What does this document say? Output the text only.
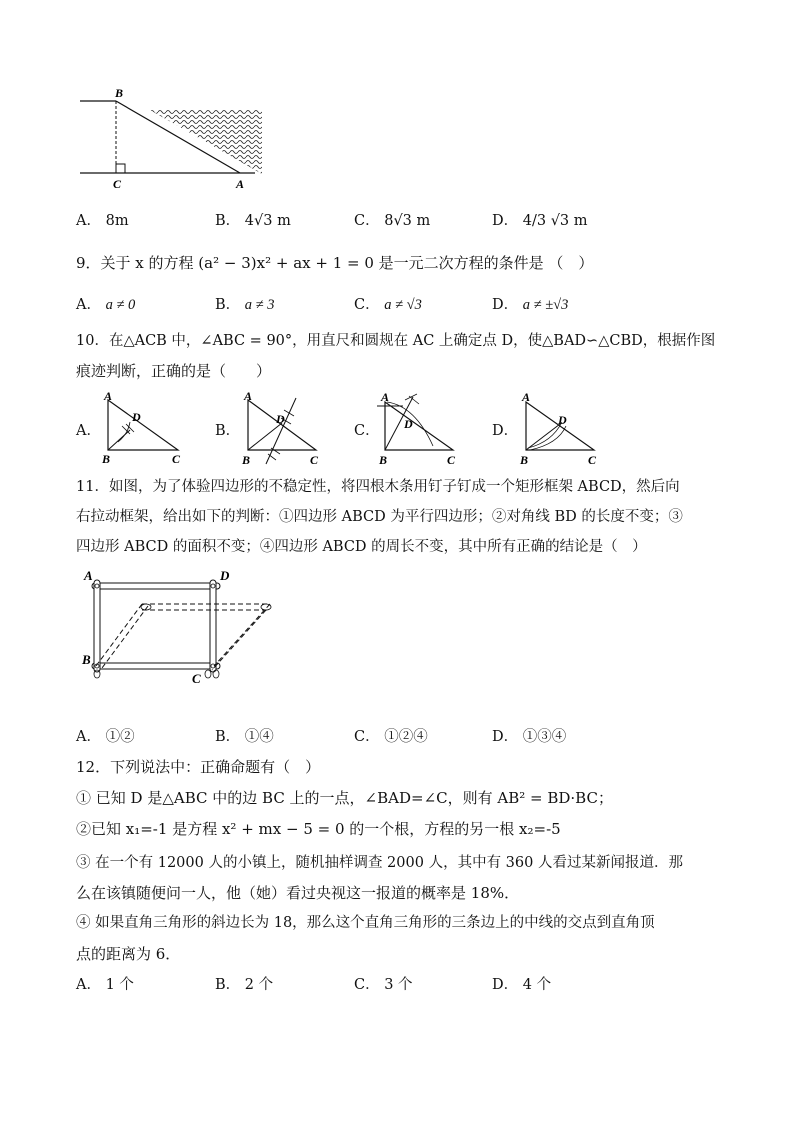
B
C	A
A． 8m	B． 4√3 m	C． 8√3 m	D． 4/3 √3 m
9．关于 x 的方程 (a² − 3)x² + ax + 1 = 0 是一元二次方程的条件是 （　）
A． a ≠ 0	B． a ≠ 3	C． a ≠ √3	D． a ≠ ±√3
10．在△ACB 中，∠ABC = 90°，用直尺和圆规在 AC 上确定点 D，使△BAD∽△CBD，根据作图
痕迹判断，正确的是（　　）
A．
A
D
B	C
B．
A
D
B	C
C．
A
D
B	C
D．
A
D
B	C
11．如图，为了体验四边形的不稳定性，将四根木条用钉子钉成一个矩形框架 ABCD，然后向
右拉动框架，给出如下的判断：①四边形 ABCD 为平行四边形；②对角线 BD 的长度不变；③
四边形 ABCD 的面积不变；④四边形 ABCD 的周长不变，其中所有正确的结论是（　）
A	D
B
C
A． ①②	B． ①④	C． ①②④	D． ①③④
12．下列说法中：正确命题有（　）
① 已知 D 是△ABC 中的边 BC 上的一点，∠BAD=∠C，则有 AB² = BD·BC；
②已知 x₁=-1 是方程 x² + mx − 5 = 0 的一个根，方程的另一根 x₂=-5
③ 在一个有 12000 人的小镇上，随机抽样调查 2000 人，其中有 360 人看过某新闻报道．那
么在该镇随便问一人，他（她）看过央视这一报道的概率是 18%．
④ 如果直角三角形的斜边长为 18，那么这个直角三角形的三条边上的中线的交点到直角顶
点的距离为 6．
A． 1 个	B． 2 个	C． 3 个	D． 4 个
